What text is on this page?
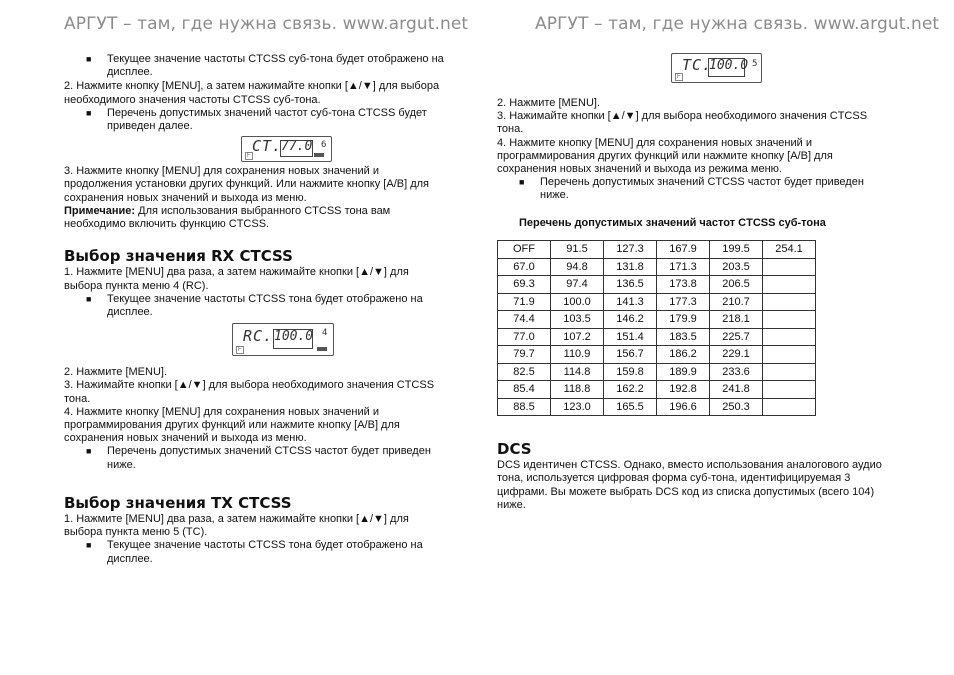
АРГУТ – там, где нужна связь. www.argut.net	АРГУТ – там, где нужна связь. www.argut.net

■ Текущее значение частоты CTCSS суб-тона будет отображено на дисплее.

2. Нажмите кнопку [MENU], а затем нажимайте кнопки [▲/▼] для выбора необходимого значения частоты CTCSS суб-тона.

■ Перечень допустимых значений частот суб-тона CTCSS будет приведен далее.

CT.
77.0 6
F

3. Нажмите кнопку [MENU] для сохранения новых значений и продолжения установки других функций. Или нажмите кнопку [A/B] для сохранения новых значений и выхода из меню.

Примечание: Для использования выбранного CTCSS тона вам необходимо включить функцию CTCSS.

Выбор значения RX CTCSS

1. Нажмите [MENU] два раза, а затем нажимайте кнопки [▲/▼] для выбора пункта меню 4 (RC).

■ Текущее значение частоты CTCSS тона будет отображено на дисплее.

RC. 100.0 4
F

2. Нажмите [MENU].

3. Нажимайте кнопки [▲/▼] для выбора необходимого значения CTCSS тона.

4. Нажмите кнопку [MENU] для сохранения новых значений и программирования других функций или нажмите кнопку [A/B] для сохранения новых значений и выхода из меню.

■ Перечень допустимых значений CTCSS частот будет приведен ниже.

Выбор значения TX CTCSS

1. Нажмите [MENU] два раза, а затем нажимайте кнопки [▲/▼] для выбора пункта меню 5 (TC).

■ Текущее значение частоты CTCSS тона будет отображено на дисплее.

TC.
100.0 5
F

2. Нажмите [MENU].

3. Нажимайте кнопки [▲/▼] для выбора необходимого значения CTCSS тона.

4. Нажмите кнопку [MENU] для сохранения новых значений и программирования других функций или нажмите кнопку [A/B] для сохранения новых значений и выхода из режима меню.

■ Перечень допустимых значений CTCSS частот будет приведен ниже.

Перечень допустимых значений частот CTCSS суб-тона

OFF	91.5	127.3	167.9	199.5	254.1
67.0	94.8	131.8	171.3	203.5	
69.3	97.4	136.5	173.8	206.5	
71.9	100.0	141.3	177.3	210.7	
74.4	103.5	146.2	179.9	218.1	
77.0	107.2	151.4	183.5	225.7	
79.7	110.9	156.7	186.2	229.1	
82.5	114.8	159.8	189.9	233.6	
85.4	118.8	162.2	192.8	241.8	
88.5	123.0	165.5	196.6	250.3	
DCS

DCS идентичен CTCSS. Однако, вместо использования аналогового аудио тона, используется цифровая форма суб-тона, идентифицируемая 3 цифрами. Вы можете выбрать DCS код из списка допустимых (всего 104) ниже.
